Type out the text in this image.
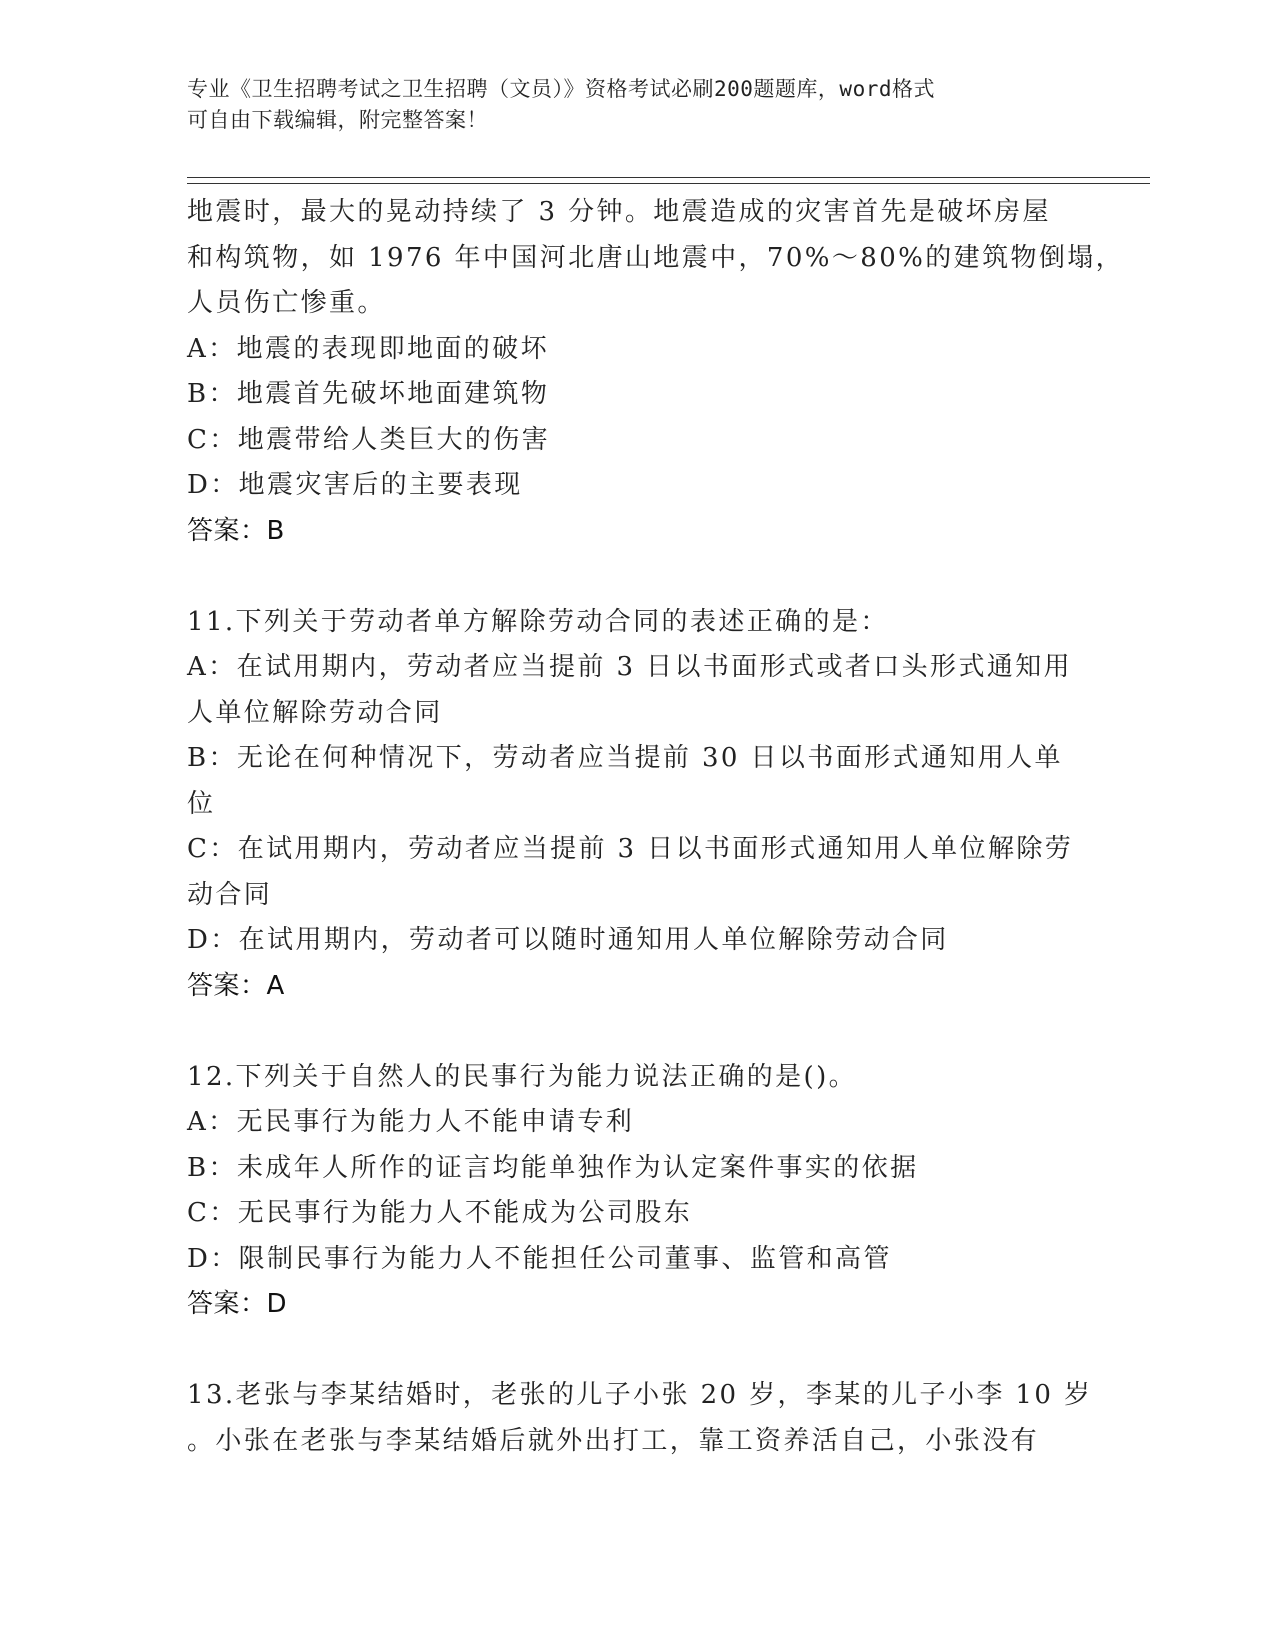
专业《卫生招聘考试之卫生招聘（文员）》资格考试必刷200题题库，word格式

可自由下载编辑，附完整答案！

地震时，最大的晃动持续了 3 分钟。地震造成的灾害首先是破坏房屋

和构筑物，如 1976 年中国河北唐山地震中，70%～80%的建筑物倒塌，

人员伤亡惨重。

A：地震的表现即地面的破坏

B：地震首先破坏地面建筑物

C：地震带给人类巨大的伤害

D：地震灾害后的主要表现

答案：B

11.下列关于劳动者单方解除劳动合同的表述正确的是：

A：在试用期内，劳动者应当提前 3 日以书面形式或者口头形式通知用

人单位解除劳动合同

B：无论在何种情况下，劳动者应当提前 30 日以书面形式通知用人单

位

C：在试用期内，劳动者应当提前 3 日以书面形式通知用人单位解除劳

动合同

D：在试用期内，劳动者可以随时通知用人单位解除劳动合同

答案：A

12.下列关于自然人的民事行为能力说法正确的是()。

A：无民事行为能力人不能申请专利

B：未成年人所作的证言均能单独作为认定案件事实的依据

C：无民事行为能力人不能成为公司股东

D：限制民事行为能力人不能担任公司董事、监管和高管

答案：D

13.老张与李某结婚时，老张的儿子小张 20 岁，李某的儿子小李 10 岁

。小张在老张与李某结婚后就外出打工，靠工资养活自己，小张没有
